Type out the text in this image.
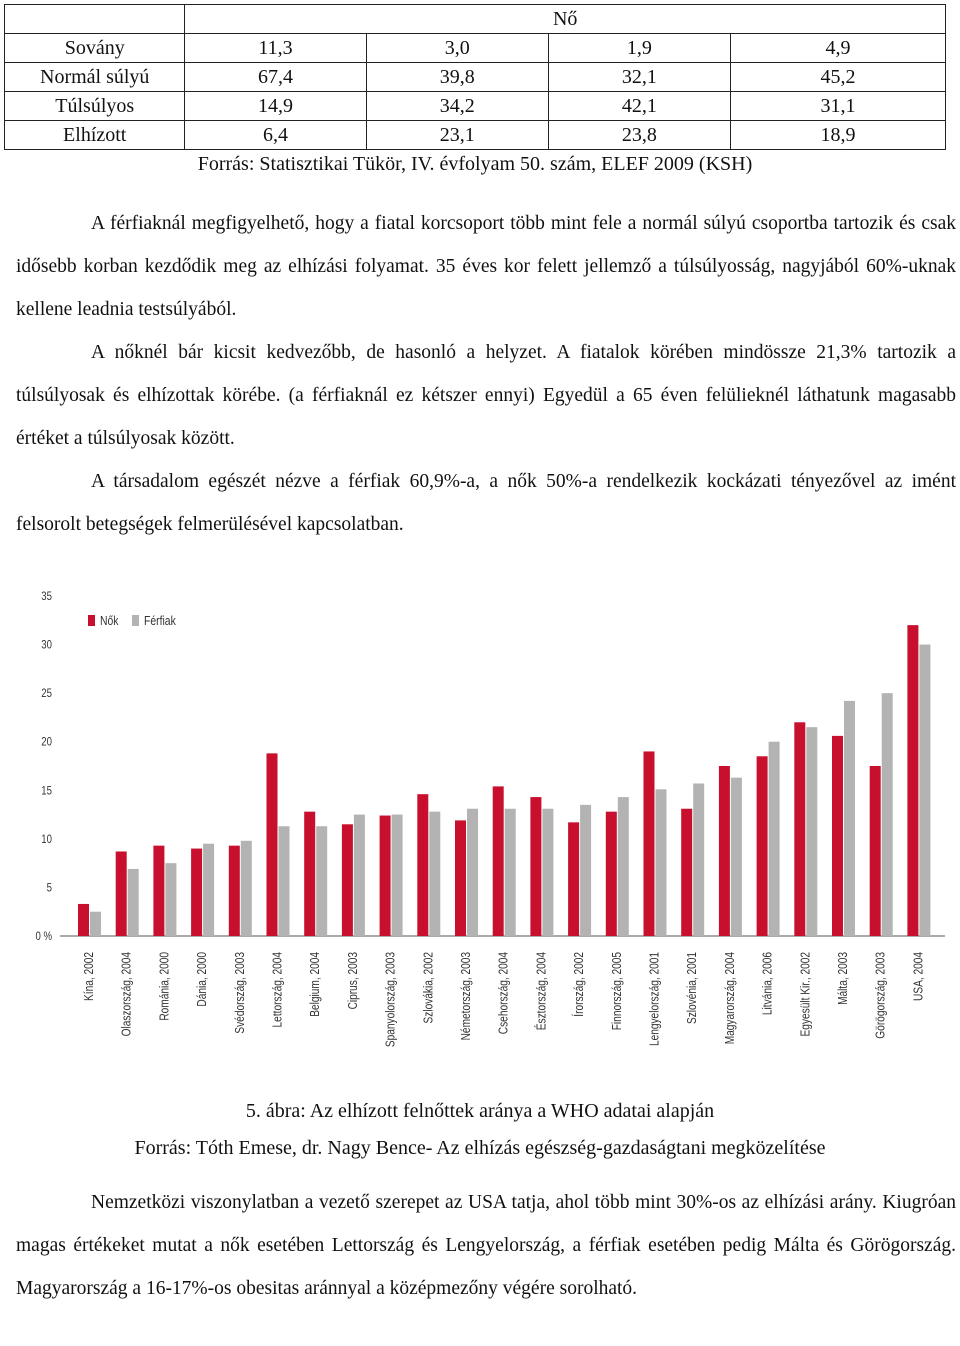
	Nő			
Sovány	11,3	3,0	1,9	4,9
Normál súlyú	67,4	39,8	32,1	45,2
Túlsúlyos	14,9	34,2	42,1	31,1
Elhízott	6,4	23,1	23,8	18,9
Forrás: Statisztikai Tükör, IV. évfolyam 50. szám, ELEF 2009 (KSH)				

A férfiaknál megfigyelhető, hogy a fiatal korcsoport több mint fele a normál súlyú csoportba tartozik és csak idősebb korban kezdődik meg az elhízási folyamat. 35 éves kor felett jellemző a túlsúlyosság, nagyjából 60%-uknak kellene leadnia testsúlyából.

A nőknél bár kicsit kedvezőbb, de hasonló a helyzet. A fiatalok körében mindössze 21,3% tartozik a túlsúlyosak és elhízottak körébe. (a férfiaknál ez kétszer ennyi) Egyedül a 65 éven felülieknél láthatunk magasabb értéket a túlsúlyosak között.

A társadalom egészét nézve a férfiak 60,9%-a, a nők 50%-a rendelkezik kockázati tényezővel az imént felsorolt betegségek felmerülésével kapcsolatban.

0 %
5
10
15
20
25
30
35
Nők Férfiak
Kína, 2002 Olaszország, 2004 Románia, 2000 Dánia, 2000 Svédország, 2003 Lettország, 2004 Belgium, 2004 Ciprus, 2003 Spanyolország, 2003 Szlovákia, 2002 Németország, 2003 Csehország, 2004 Észtország, 2004 Írország, 2002 Finnország, 2005 Lengyelország, 2001 Szlovénia, 2001 Magyarország, 2004 Litvánia, 2006 Egyesült Kir., 2002 Málta, 2003 Görögország, 2003 USA, 2004
5. ábra: Az elhízott felnőttek aránya a WHO adatai alapján
Forrás: Tóth Emese, dr. Nagy Bence- Az elhízás egészség-gazdaságtani megközelítése

Nemzetközi viszonylatban a vezető szerepet az USA tatja, ahol több mint 30%-os az elhízási arány. Kiugróan magas értékeket mutat a nők esetében Lettország és Lengyelország, a férfiak esetében pedig Málta és Görögország. Magyarország a 16-17%-os obesitas aránnyal a középmezőny végére sorolható.
